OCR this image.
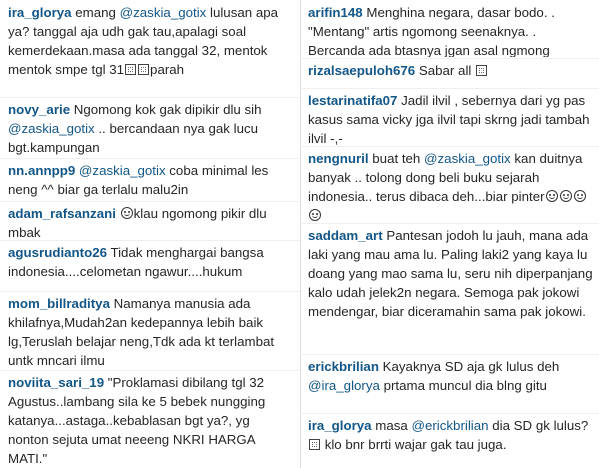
ira_glorya emang @zaskia_gotix lulusan apa ya? tanggal aja udh gak tau,apalagi soal kemerdekaan.masa ada tanggal 32, mentok mentok smpe tgl 31 parah
novy_arie Ngomong kok gak dipikir dlu sih @zaskia_gotix .. bercandaan nya gak lucu bgt.kampungan
nn.annpp9 @zaskia_gotix coba minimal les neng ^^ biar ga terlalu malu2in
adam_rafsanzani klau ngomong pikir dlu mbak
agusrudianto26 Tidak menghargai bangsa indonesia....celometan ngawur....hukum
mom_billraditya Namanya manusia ada khilafnya,Mudah2an kedepannya lebih baik lg,Teruslah belajar neng,Tdk ada kt terlambat untk mncari ilmu
noviita_sari_19 "Proklamasi dibilang tgl 32 Agustus..lambang sila ke 5 bebek nungging katanya...astaga..kebablasan bgt ya?, yg nonton sejuta umat neeeng NKRI HARGA MATI."
arifin148 Menghina negara, dasar bodo. . "Mentang" artis ngomong seenaknya. . Bercanda ada btasnya jgan asal ngmong
rizalsaepuloh676 Sabar all
lestarinatifa07 Jadil ilvil , sebernya dari yg pas kasus sama vicky jga ilvil tapi skrng jadi tambah ilvil -,-
nengnuril buat teh @zaskia_gotix kan duitnya banyak .. tolong dong beli buku sejarah indonesia.. terus dibaca deh...biar pinter
saddam_art Pantesan jodoh lu jauh, mana ada laki yang mau ama lu. Paling laki2 yang kaya lu doang yang mao sama lu, seru nih diperpanjang kalo udah jelek2n negara. Semoga pak jokowi mendengar, biar diceramahin sama pak jokowi.
erickbrilian Kayaknya SD aja gk lulus deh @ira_glorya prtama muncul dia blng gitu
ira_glorya masa @erickbrilian dia SD gk lulus?  klo bnr brrti wajar gak tau juga.
